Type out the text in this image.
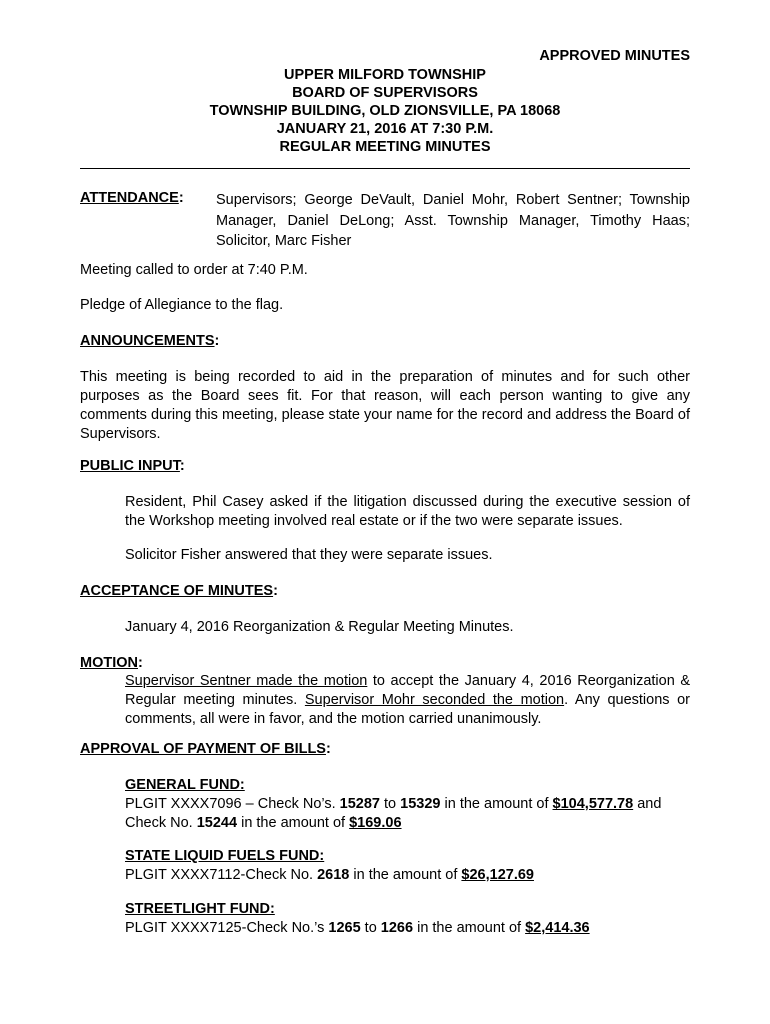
APPROVED MINUTES
UPPER MILFORD TOWNSHIP
BOARD OF SUPERVISORS
TOWNSHIP BUILDING, OLD ZIONSVILLE, PA 18068
JANUARY 21, 2016 AT 7:30 P.M.
REGULAR MEETING MINUTES
ATTENDANCE: Supervisors; George DeVault, Daniel Mohr, Robert Sentner; Township Manager, Daniel DeLong; Asst. Township Manager, Timothy Haas; Solicitor, Marc Fisher
Meeting called to order at 7:40 P.M.
Pledge of Allegiance to the flag.
ANNOUNCEMENTS:
This meeting is being recorded to aid in the preparation of minutes and for such other purposes as the Board sees fit. For that reason, will each person wanting to give any comments during this meeting, please state your name for the record and address the Board of Supervisors.
PUBLIC INPUT:
Resident, Phil Casey asked if the litigation discussed during the executive session of the Workshop meeting involved real estate or if the two were separate issues.
Solicitor Fisher answered that they were separate issues.
ACCEPTANCE OF MINUTES:
January 4, 2016 Reorganization & Regular Meeting Minutes.
MOTION:
Supervisor Sentner made the motion to accept the January 4, 2016 Reorganization & Regular meeting minutes. Supervisor Mohr seconded the motion. Any questions or comments, all were in favor, and the motion carried unanimously.
APPROVAL OF PAYMENT OF BILLS:
GENERAL FUND:
PLGIT XXXX7096 – Check No’s. 15287 to 15329 in the amount of $104,577.78 and Check No. 15244 in the amount of $169.06
STATE LIQUID FUELS FUND:
PLGIT XXXX7112-Check No. 2618 in the amount of $26,127.69
STREETLIGHT FUND:
PLGIT XXXX7125-Check No.’s 1265 to 1266 in the amount of $2,414.36
